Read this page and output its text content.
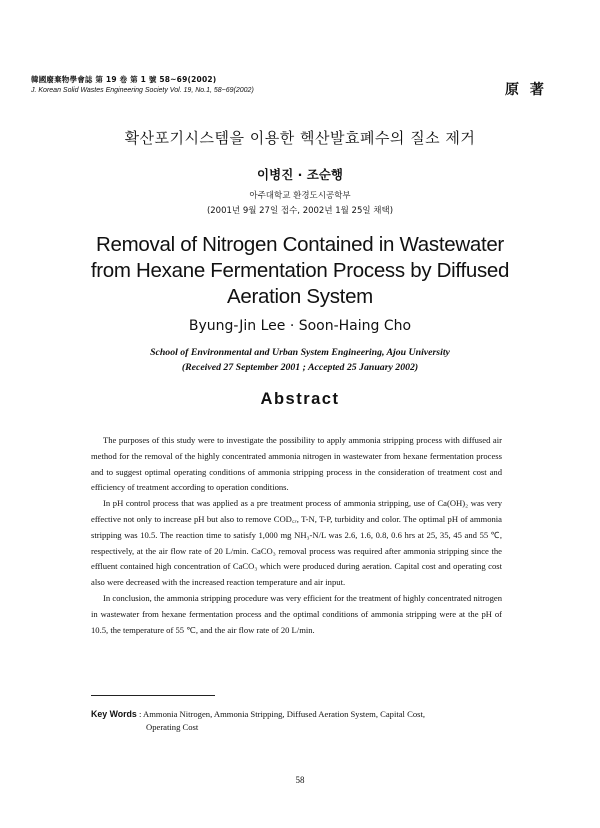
韓國廢棄物學會誌 第 19 卷 第 1 號 58~69(2002)
J. Korean Solid Wastes Engineering Society Vol. 19, No.1, 58~69(2002)	原 著
확산포기시스템을 이용한 헥산발효폐수의 질소 제거
이병진 · 조순행
아주대학교 환경도시공학부
(2001년 9월 27일 접수, 2002년 1월 25일 채택)
Removal of Nitrogen Contained in Wastewater
from Hexane Fermentation Process by Diffused
Aeration System
Byung-Jin Lee · Soon-Haing Cho
School of Environmental and Urban System Engineering, Ajou University
(Received 27 September 2001 ; Accepted 25 January 2002)
Abstract

The purposes of this study were to investigate the possibility to apply ammonia stripping process with diffused air method for the removal of the highly concentrated ammonia nitrogen in wastewater from hexane fermentation process and to suggest optimal operating conditions of ammonia stripping process in the consideration of treatment cost and efficiency of treatment according to operation conditions.

In pH control process that was applied as a pre treatment process of ammonia stripping, use of Ca(OH)₂ was very effective not only to increase pH but also to remove COD꜀ᵣ, T-N, T-P, turbidity and color. The optimal pH of ammonia stripping was 10.5. The reaction time to satisfy 1,000 mg NH₃-N/L was 2.6, 1.6, 0.8, 0.6 hrs at 25, 35, 45 and 55 ℃, respectively, at the air flow rate of 20 L/min. CaCO₃ removal process was required after ammonia stripping since the effluent contained high concentration of CaCO₃ which were produced during aeration. Capital cost and operating cost also were decreased with the increased reaction temperature and air input.

In conclusion, the ammonia stripping procedure was very efficient for the treatment of highly concentrated nitrogen in wastewater from hexane fermentation process and the optimal conditions of ammonia stripping were at the pH of 10.5, the temperature of 55 ℃, and the air flow rate of 20 L/min.

Key Words : Ammonia Nitrogen, Ammonia Stripping, Diffused Aeration System, Capital Cost,
Operating Cost
58
